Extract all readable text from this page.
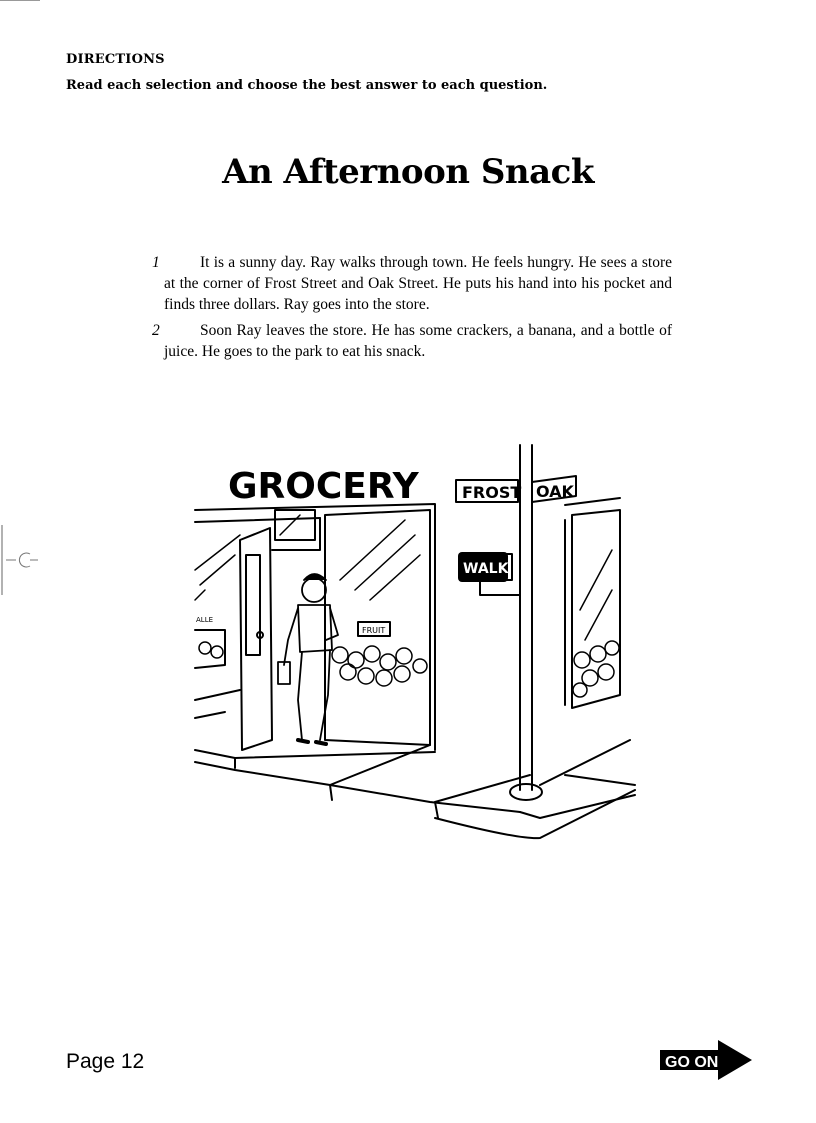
DIRECTIONS
Read each selection and choose the best answer to each question.
An Afternoon Snack
1	It is a sunny day. Ray walks through town. He feels hungry. He sees a store at the corner of Frost Street and Oak Street. He puts his hand into his pocket and finds three dollars. Ray goes into the store.
2	Soon Ray leaves the store. He has some crackers, a banana, and a bottle of juice. He goes to the park to eat his snack.
GROCERY
FRUIT
ALLE
FROST OAK
WALK
Page 12	GO ON
